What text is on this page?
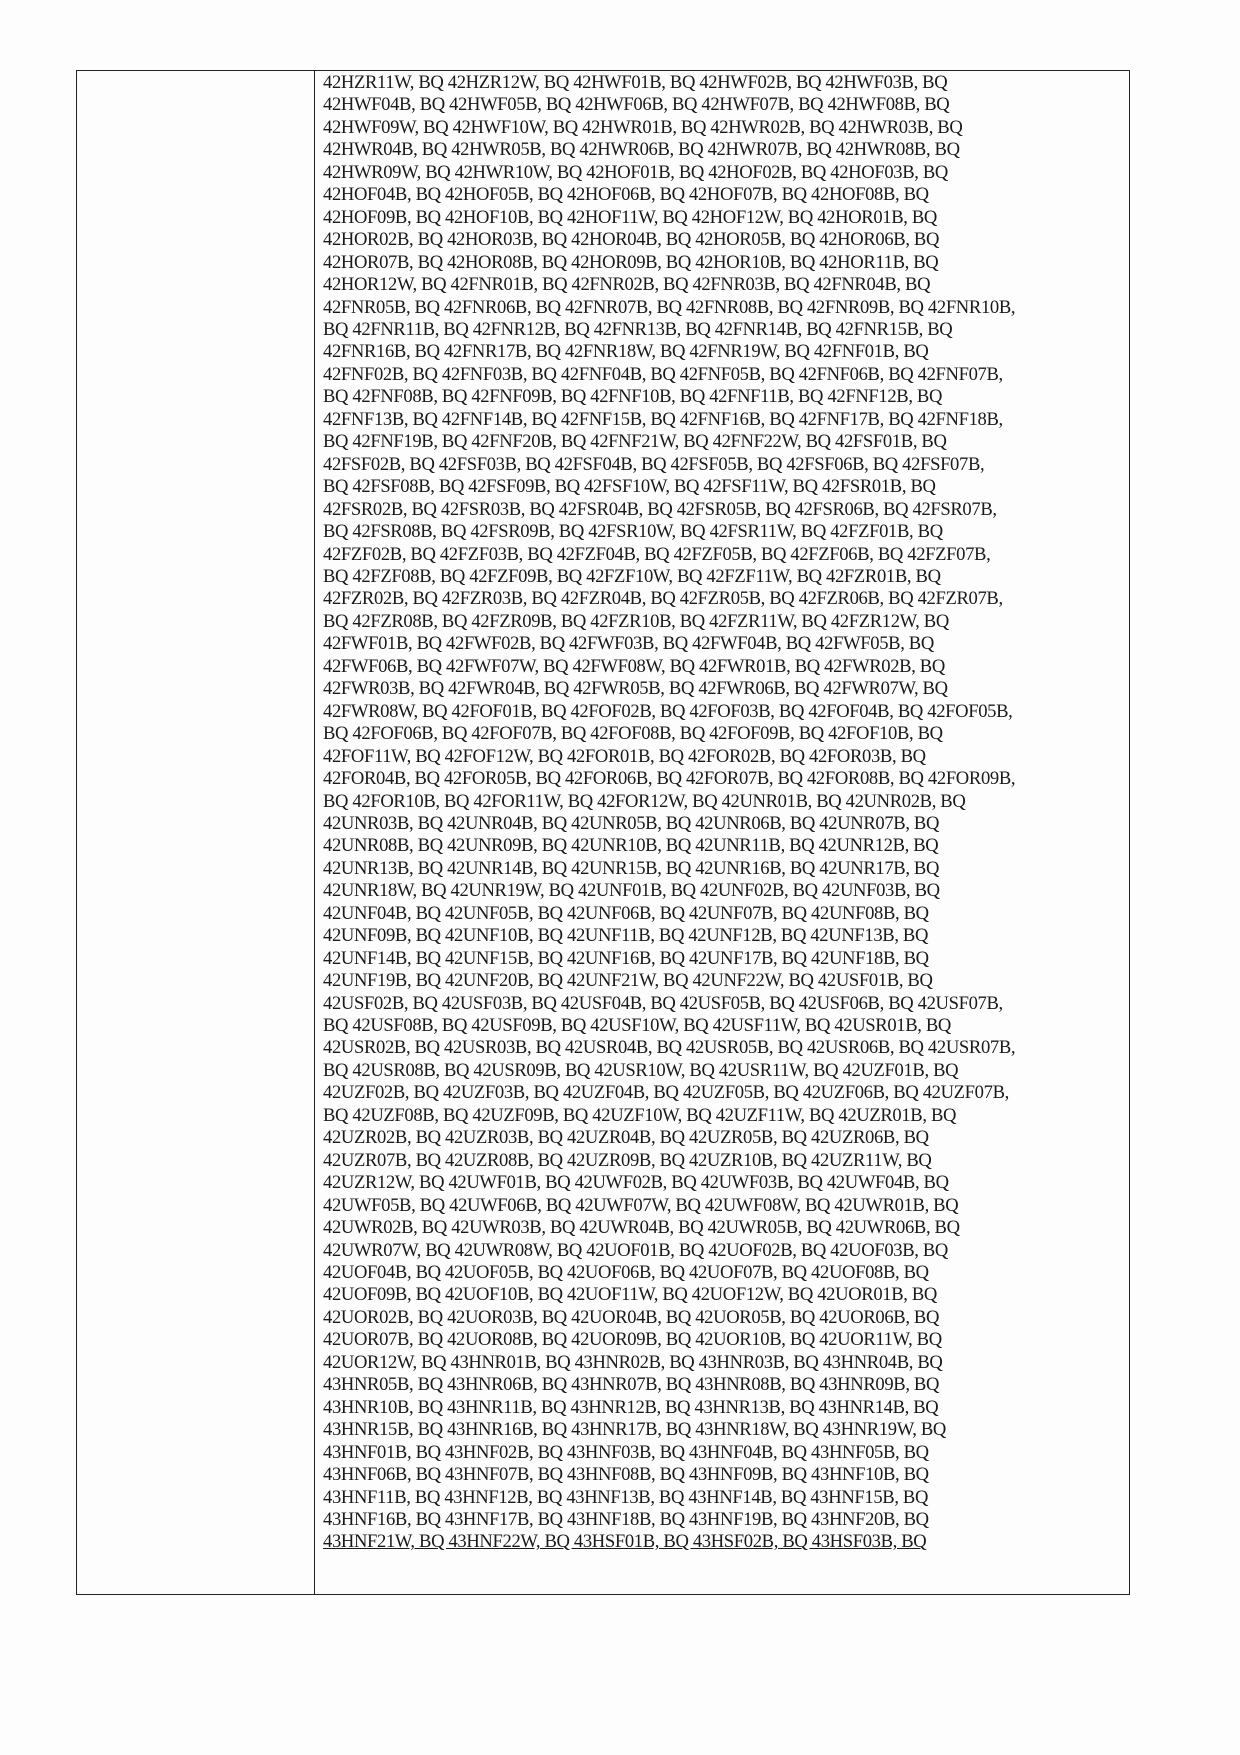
42HZR11W, BQ 42HZR12W, BQ 42HWF01B, BQ 42HWF02B, BQ 42HWF03B, BQ
42HWF04B, BQ 42HWF05B, BQ 42HWF06B, BQ 42HWF07B, BQ 42HWF08B, BQ
42HWF09W, BQ 42HWF10W, BQ 42HWR01B, BQ 42HWR02B, BQ 42HWR03B, BQ
42HWR04B, BQ 42HWR05B, BQ 42HWR06B, BQ 42HWR07B, BQ 42HWR08B, BQ
42HWR09W, BQ 42HWR10W, BQ 42HOF01B, BQ 42HOF02B, BQ 42HOF03B, BQ
42HOF04B, BQ 42HOF05B, BQ 42HOF06B, BQ 42HOF07B, BQ 42HOF08B, BQ
42HOF09B, BQ 42HOF10B, BQ 42HOF11W, BQ 42HOF12W, BQ 42HOR01B, BQ
42HOR02B, BQ 42HOR03B, BQ 42HOR04B, BQ 42HOR05B, BQ 42HOR06B, BQ
42HOR07B, BQ 42HOR08B, BQ 42HOR09B, BQ 42HOR10B, BQ 42HOR11B, BQ
42HOR12W, BQ 42FNR01B, BQ 42FNR02B, BQ 42FNR03B, BQ 42FNR04B, BQ
42FNR05B, BQ 42FNR06B, BQ 42FNR07B, BQ 42FNR08B, BQ 42FNR09B, BQ 42FNR10B,
BQ 42FNR11B, BQ 42FNR12B, BQ 42FNR13B, BQ 42FNR14B, BQ 42FNR15B, BQ
42FNR16B, BQ 42FNR17B, BQ 42FNR18W, BQ 42FNR19W, BQ 42FNF01B, BQ
42FNF02B, BQ 42FNF03B, BQ 42FNF04B, BQ 42FNF05B, BQ 42FNF06B, BQ 42FNF07B,
BQ 42FNF08B, BQ 42FNF09B, BQ 42FNF10B, BQ 42FNF11B, BQ 42FNF12B, BQ
42FNF13B, BQ 42FNF14B, BQ 42FNF15B, BQ 42FNF16B, BQ 42FNF17B, BQ 42FNF18B,
BQ 42FNF19B, BQ 42FNF20B, BQ 42FNF21W, BQ 42FNF22W, BQ 42FSF01B, BQ
42FSF02B, BQ 42FSF03B, BQ 42FSF04B, BQ 42FSF05B, BQ 42FSF06B, BQ 42FSF07B,
BQ 42FSF08B, BQ 42FSF09B, BQ 42FSF10W, BQ 42FSF11W, BQ 42FSR01B, BQ
42FSR02B, BQ 42FSR03B, BQ 42FSR04B, BQ 42FSR05B, BQ 42FSR06B, BQ 42FSR07B,
BQ 42FSR08B, BQ 42FSR09B, BQ 42FSR10W, BQ 42FSR11W, BQ 42FZF01B, BQ
42FZF02B, BQ 42FZF03B, BQ 42FZF04B, BQ 42FZF05B, BQ 42FZF06B, BQ 42FZF07B,
BQ 42FZF08B, BQ 42FZF09B, BQ 42FZF10W, BQ 42FZF11W, BQ 42FZR01B, BQ
42FZR02B, BQ 42FZR03B, BQ 42FZR04B, BQ 42FZR05B, BQ 42FZR06B, BQ 42FZR07B,
BQ 42FZR08B, BQ 42FZR09B, BQ 42FZR10B, BQ 42FZR11W, BQ 42FZR12W, BQ
42FWF01B, BQ 42FWF02B, BQ 42FWF03B, BQ 42FWF04B, BQ 42FWF05B, BQ
42FWF06B, BQ 42FWF07W, BQ 42FWF08W, BQ 42FWR01B, BQ 42FWR02B, BQ
42FWR03B, BQ 42FWR04B, BQ 42FWR05B, BQ 42FWR06B, BQ 42FWR07W, BQ
42FWR08W, BQ 42FOF01B, BQ 42FOF02B, BQ 42FOF03B, BQ 42FOF04B, BQ 42FOF05B,
BQ 42FOF06B, BQ 42FOF07B, BQ 42FOF08B, BQ 42FOF09B, BQ 42FOF10B, BQ
42FOF11W, BQ 42FOF12W, BQ 42FOR01B, BQ 42FOR02B, BQ 42FOR03B, BQ
42FOR04B, BQ 42FOR05B, BQ 42FOR06B, BQ 42FOR07B, BQ 42FOR08B, BQ 42FOR09B,
BQ 42FOR10B, BQ 42FOR11W, BQ 42FOR12W, BQ 42UNR01B, BQ 42UNR02B, BQ
42UNR03B, BQ 42UNR04B, BQ 42UNR05B, BQ 42UNR06B, BQ 42UNR07B, BQ
42UNR08B, BQ 42UNR09B, BQ 42UNR10B, BQ 42UNR11B, BQ 42UNR12B, BQ
42UNR13B, BQ 42UNR14B, BQ 42UNR15B, BQ 42UNR16B, BQ 42UNR17B, BQ
42UNR18W, BQ 42UNR19W, BQ 42UNF01B, BQ 42UNF02B, BQ 42UNF03B, BQ
42UNF04B, BQ 42UNF05B, BQ 42UNF06B, BQ 42UNF07B, BQ 42UNF08B, BQ
42UNF09B, BQ 42UNF10B, BQ 42UNF11B, BQ 42UNF12B, BQ 42UNF13B, BQ
42UNF14B, BQ 42UNF15B, BQ 42UNF16B, BQ 42UNF17B, BQ 42UNF18B, BQ
42UNF19B, BQ 42UNF20B, BQ 42UNF21W, BQ 42UNF22W, BQ 42USF01B, BQ
42USF02B, BQ 42USF03B, BQ 42USF04B, BQ 42USF05B, BQ 42USF06B, BQ 42USF07B,
BQ 42USF08B, BQ 42USF09B, BQ 42USF10W, BQ 42USF11W, BQ 42USR01B, BQ
42USR02B, BQ 42USR03B, BQ 42USR04B, BQ 42USR05B, BQ 42USR06B, BQ 42USR07B,
BQ 42USR08B, BQ 42USR09B, BQ 42USR10W, BQ 42USR11W, BQ 42UZF01B, BQ
42UZF02B, BQ 42UZF03B, BQ 42UZF04B, BQ 42UZF05B, BQ 42UZF06B, BQ 42UZF07B,
BQ 42UZF08B, BQ 42UZF09B, BQ 42UZF10W, BQ 42UZF11W, BQ 42UZR01B, BQ
42UZR02B, BQ 42UZR03B, BQ 42UZR04B, BQ 42UZR05B, BQ 42UZR06B, BQ
42UZR07B, BQ 42UZR08B, BQ 42UZR09B, BQ 42UZR10B, BQ 42UZR11W, BQ
42UZR12W, BQ 42UWF01B, BQ 42UWF02B, BQ 42UWF03B, BQ 42UWF04B, BQ
42UWF05B, BQ 42UWF06B, BQ 42UWF07W, BQ 42UWF08W, BQ 42UWR01B, BQ
42UWR02B, BQ 42UWR03B, BQ 42UWR04B, BQ 42UWR05B, BQ 42UWR06B, BQ
42UWR07W, BQ 42UWR08W, BQ 42UOF01B, BQ 42UOF02B, BQ 42UOF03B, BQ
42UOF04B, BQ 42UOF05B, BQ 42UOF06B, BQ 42UOF07B, BQ 42UOF08B, BQ
42UOF09B, BQ 42UOF10B, BQ 42UOF11W, BQ 42UOF12W, BQ 42UOR01B, BQ
42UOR02B, BQ 42UOR03B, BQ 42UOR04B, BQ 42UOR05B, BQ 42UOR06B, BQ
42UOR07B, BQ 42UOR08B, BQ 42UOR09B, BQ 42UOR10B, BQ 42UOR11W, BQ
42UOR12W, BQ 43HNR01B, BQ 43HNR02B, BQ 43HNR03B, BQ 43HNR04B, BQ
43HNR05B, BQ 43HNR06B, BQ 43HNR07B, BQ 43HNR08B, BQ 43HNR09B, BQ
43HNR10B, BQ 43HNR11B, BQ 43HNR12B, BQ 43HNR13B, BQ 43HNR14B, BQ
43HNR15B, BQ 43HNR16B, BQ 43HNR17B, BQ 43HNR18W, BQ 43HNR19W, BQ
43HNF01B, BQ 43HNF02B, BQ 43HNF03B, BQ 43HNF04B, BQ 43HNF05B, BQ
43HNF06B, BQ 43HNF07B, BQ 43HNF08B, BQ 43HNF09B, BQ 43HNF10B, BQ
43HNF11B, BQ 43HNF12B, BQ 43HNF13B, BQ 43HNF14B, BQ 43HNF15B, BQ
43HNF16B, BQ 43HNF17B, BQ 43HNF18B, BQ 43HNF19B, BQ 43HNF20B, BQ
43HNF21W, BQ 43HNF22W, BQ 43HSF01B, BQ 43HSF02B, BQ 43HSF03B, BQ
